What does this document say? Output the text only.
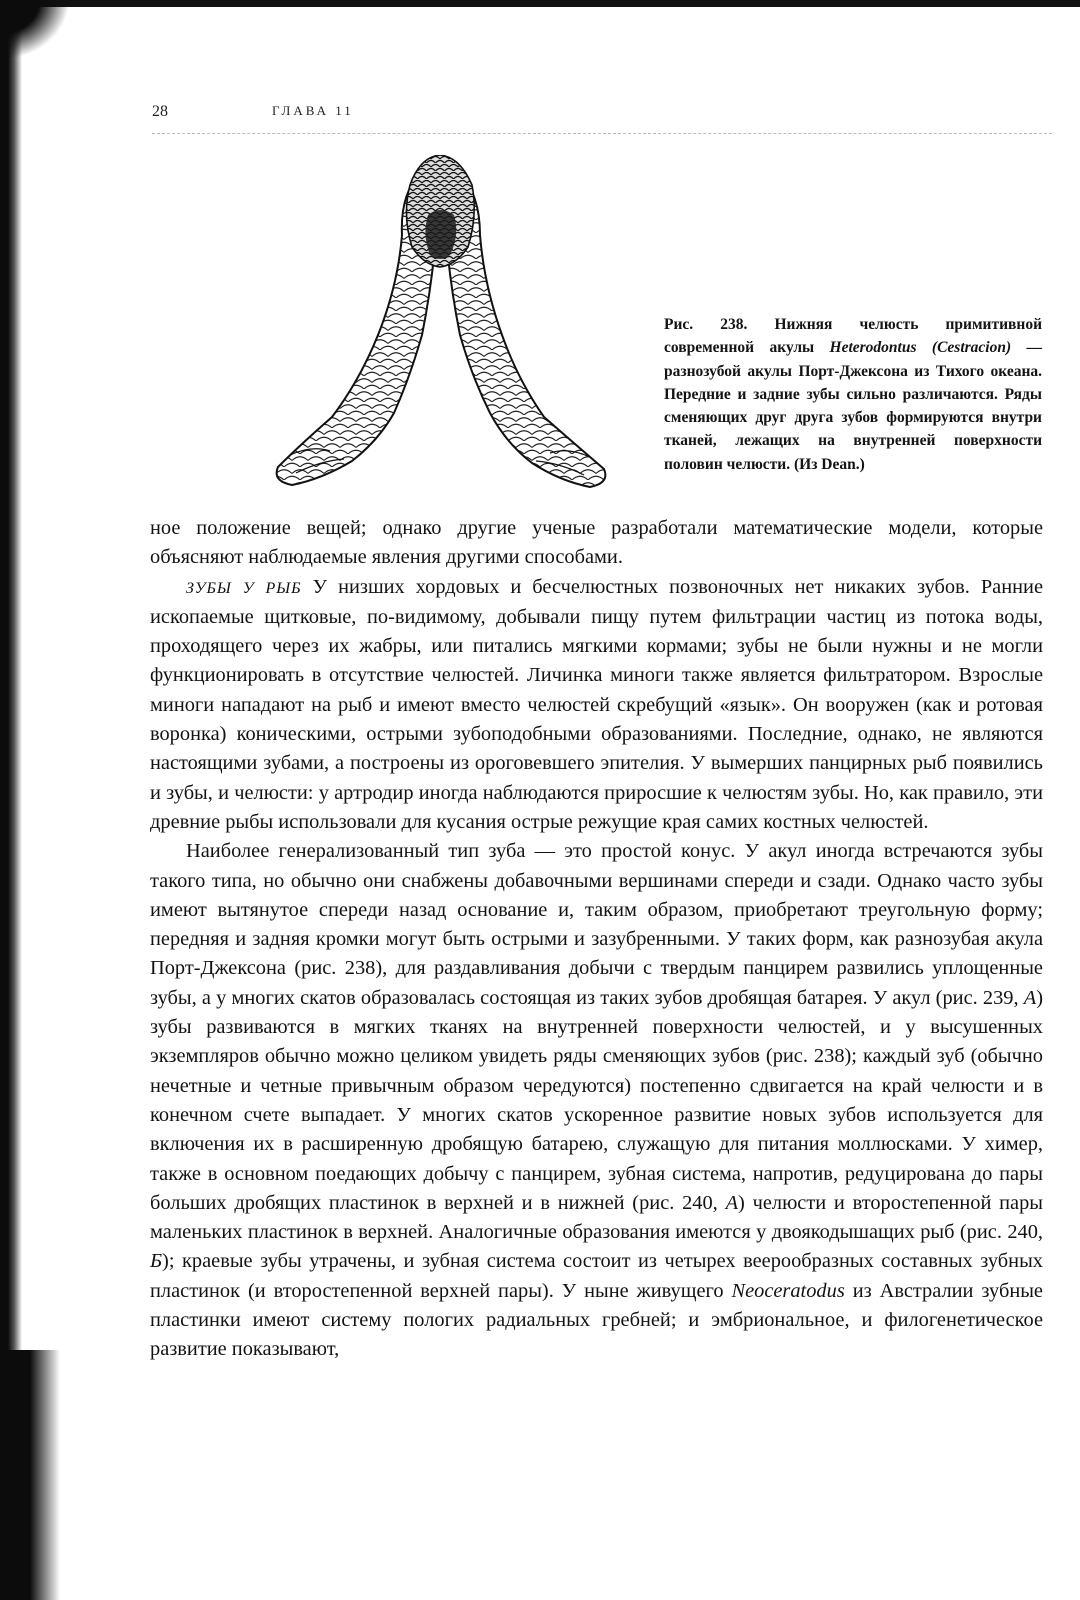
28	ГЛАВА 11
Рис. 238. Нижняя челюсть примитивной современной акулы Heterodontus (Cestracion) — разнозубой акулы Порт-Джексона из Тихого океана. Передние и задние зубы сильно различаются. Ряды сменяющих друг друга зубов формируются внутри тканей, лежащих на внутренней поверхности половин челюсти. (Из Dean.)

ное положение вещей; однако другие ученые разработали математические модели, которые объясняют наблюдаемые явления другими способами.

ЗУБЫ У РЫБ У низших хордовых и бесчелюстных позвоночных нет никаких зубов. Ранние ископаемые щитковые, по-видимому, добывали пищу путем фильтрации частиц из потока воды, проходящего через их жабры, или питались мягкими кормами; зубы не были нужны и не могли функционировать в отсутствие челюстей. Личинка миноги также является фильтратором. Взрослые миноги нападают на рыб и имеют вместо челюстей скребущий «язык». Он вооружен (как и ротовая воронка) коническими, острыми зубоподобными образованиями. Последние, однако, не являются настоящими зубами, а построены из ороговевшего эпителия. У вымерших панцирных рыб появились и зубы, и челюсти: у артродир иногда наблюдаются приросшие к челюстям зубы. Но, как правило, эти древние рыбы использовали для кусания острые режущие края самих костных челюстей.

Наиболее генерализованный тип зуба — это простой конус. У акул иногда встречаются зубы такого типа, но обычно они снабжены добавочными вершинами спереди и сзади. Однако часто зубы имеют вытянутое спереди назад основание и, таким образом, приобретают треугольную форму; передняя и задняя кромки могут быть острыми и зазубренными. У таких форм, как разнозубая акула Порт-Джексона (рис. 238), для раздавливания добычи с твердым панцирем развились уплощенные зубы, а у многих скатов образовалась состоящая из таких зубов дробящая батарея. У акул (рис. 239, А) зубы развиваются в мягких тканях на внутренней поверхности челюстей, и у высушенных экземпляров обычно можно целиком увидеть ряды сменяющих зубов (рис. 238); каждый зуб (обычно нечетные и четные привычным образом чередуются) постепенно сдвигается на край челюсти и в конечном счете выпадает. У многих скатов ускоренное развитие новых зубов используется для включения их в расширенную дробящую батарею, служащую для питания моллюсками. У химер, также в основном поедающих добычу с панцирем, зубная система, напротив, редуцирована до пары больших дробящих пластинок в верхней и в нижней (рис. 240, А) челюсти и второстепенной пары маленьких пластинок в верхней. Аналогичные образования имеются у двоякодышащих рыб (рис. 240, Б); краевые зубы утрачены, и зубная система состоит из четырех веерообразных составных зубных пластинок (и второстепенной верхней пары). У ныне живущего Neoceratodus из Австралии зубные пластинки имеют систему пологих радиальных гребней; и эмбриональное, и филогенетическое развитие показывают,
